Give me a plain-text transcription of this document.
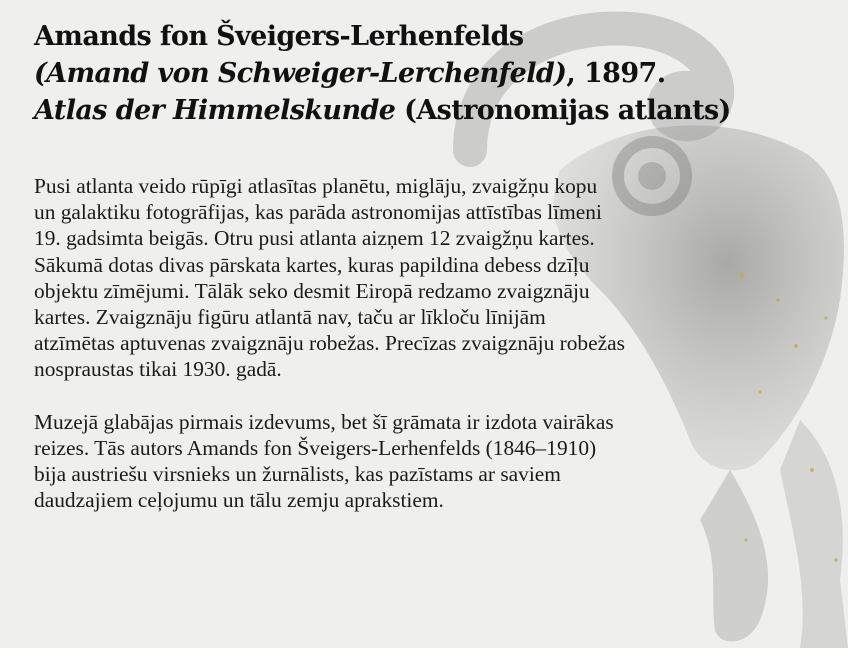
Amands fon Šveigers-Lerhenfelds
(Amand von Schweiger-Lerchenfeld), 1897.
Atlas der Himmelskunde (Astronomijas atlants)

Pusi atlanta veido rūpīgi atlasītas planētu, miglāju, zvaigžņu kopu
un galaktiku fotogrāfijas, kas parāda astronomijas attīstības līmeni
19. gadsimta beigās. Otru pusi atlanta aizņem 12 zvaigžņu kartes.
Sākumā dotas divas pārskata kartes, kuras papildina debess dzīļu
objektu zīmējumi. Tālāk seko desmit Eiropā redzamo zvaigznāju
kartes. Zvaigznāju figūru atlantā nav, taču ar līkloču līnijām
atzīmētas aptuvenas zvaigznāju robežas. Precīzas zvaigznāju robežas
nospraustas tikai 1930. gadā.

Muzejā glabājas pirmais izdevums, bet šī grāmata ir izdota vairākas
reizes. Tās autors Amands fon Šveigers-Lerhenfelds (1846–1910)
bija austriešu virsnieks un žurnālists, kas pazīstams ar saviem
daudzajiem ceļojumu un tālu zemju aprakstiem.
